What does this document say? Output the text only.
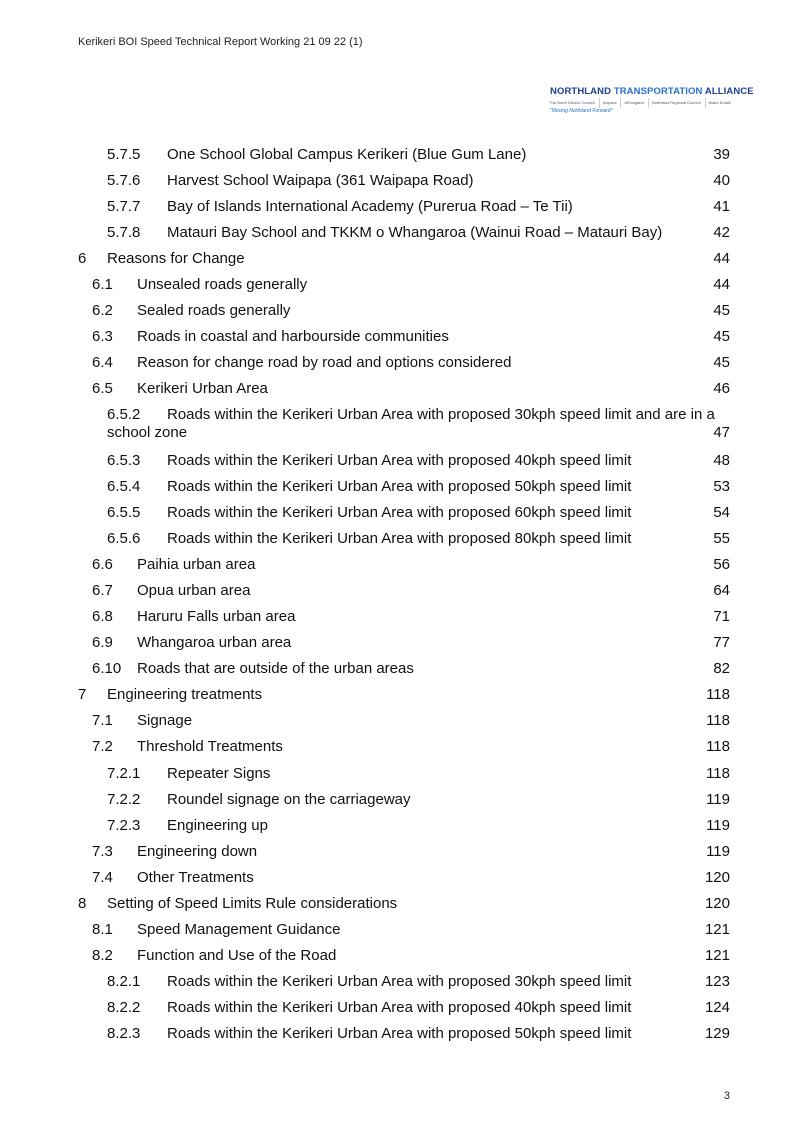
Kerikeri BOI Speed Technical Report Working 21 09 22 (1)
NORTHLAND TRANSPORTATION ALLIANCE
Far North District Council	Kaipara	Whangarei	Northland Regional Council	Waka Kotahi
"Moving Northland Forward"
5.7.5 One School Global Campus Kerikeri (Blue Gum Lane)	39
5.7.6 Harvest School Waipapa (361 Waipapa Road)	40
5.7.7 Bay of Islands International Academy (Purerua Road – Te Tii)	41
5.7.8 Matauri Bay School and TKKM o Whangaroa (Wainui Road – Matauri Bay)	42
6 Reasons for Change	44
6.1 Unsealed roads generally	44
6.2 Sealed roads generally	45
6.3 Roads in coastal and harbourside communities	45
6.4 Reason for change road by road and options considered	45
6.5 Kerikeri Urban Area	46
6.5.2 Roads within the Kerikeri Urban Area with proposed 30kph speed limit and are in a
school zone	47
6.5.3 Roads within the Kerikeri Urban Area with proposed 40kph speed limit	48
6.5.4 Roads within the Kerikeri Urban Area with proposed 50kph speed limit	53
6.5.5 Roads within the Kerikeri Urban Area with proposed 60kph speed limit	54
6.5.6 Roads within the Kerikeri Urban Area with proposed 80kph speed limit	55
6.6 Paihia urban area	56
6.7 Opua urban area	64
6.8 Haruru Falls urban area	71
6.9 Whangaroa urban area	77
6.10 Roads that are outside of the urban areas	82
7 Engineering treatments	118
7.1 Signage	118
7.2 Threshold Treatments	118
7.2.1 Repeater Signs	118
7.2.2 Roundel signage on the carriageway	119
7.2.3 Engineering up	119
7.3 Engineering down	119
7.4 Other Treatments	120
8 Setting of Speed Limits Rule considerations	120
8.1 Speed Management Guidance	121
8.2 Function and Use of the Road	121
8.2.1 Roads within the Kerikeri Urban Area with proposed 30kph speed limit	123
8.2.2 Roads within the Kerikeri Urban Area with proposed 40kph speed limit	124
8.2.3 Roads within the Kerikeri Urban Area with proposed 50kph speed limit	129
3
